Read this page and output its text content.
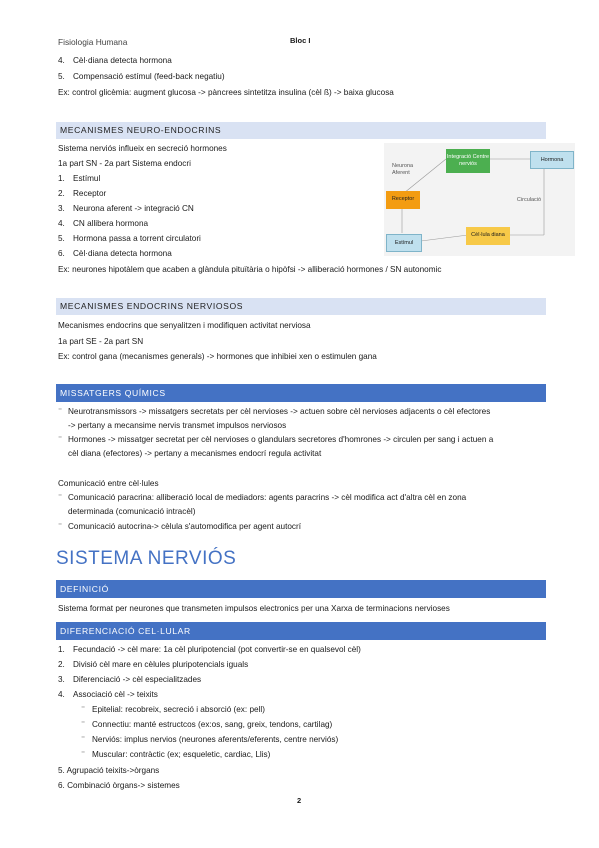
Fisiologia Humana	Bloc I
4. Cèl·dianа detecta hormona
5. Compensació estímul (feed-back negatiu)
Ex: control glicèmia: augment glucosa -> pàncrees sintetitza insulina (cèl ß) -> baixa glucosa
MECANISMES NEURO-ENDOCRINS
Sistema nerviós influeix en secreció hormones
1a part SN - 2a part Sistema endocri
1. Estímul
2. Receptor
3. Neurona aferent -> integració CN
4. CN allibera hormona
5. Hormona passa a torrent circulatori
6. Cèl·dianа detecta hormona
Ex: neurones hipotàlem que acaben a glàndula pituïtària o hipòfsi -> alliberació hormones / SN autonomic
Neurona Aferent
Integració Centre nerviós
Hormona
Receptor	Circulació
Cèl·lula diana
Estímul
MECANISMES ENDOCRINS NERVIOSOS
Mecanismes endocrins que senyalitzen i modifiquen activitat nerviosa
1a part SE - 2a part SN
Ex: control gana (mecanismes generals) -> hormones que inhibiei xen o estimulen gana
MISSATGERS QUÍMICS
⁻ Neurotransmissors -> missatgers secretats per cèl nervioses -> actuen sobre cèl nervioses adjacents o cèl efectores
-> pertany a mecansime nervis transmet impulsos nerviosos
⁻ Hormones -> missatger secretat per cèl nervioses o glandulars secretores d'homrones -> circulen per sang i actuen a
cèl diana (efectores) -> pertany a mecanismes endocrí regula activitat
Comunicació entre cèl·lules
⁻ Comunicació paracrina: alliberació local de mediadors: agents paracrins -> cèl modifica act d'altra cèl en zona
determinada (comunicació intracèl)
⁻ Comunicació autocrina-> cèlula s'automodifica per agent autocrí
SISTEMA NERVIÓS
DEFINICIÓ
Sistema format per neurones que transmeten impulsos electronics per una Xarxa de terminacions nervioses
DIFERENCIACIÓ CEL·LULAR
1. Fecundació -> cèl mare: 1a cèl pluripotencial (pot convertir-se en qualsevol cèl)
2. Divisió cèl mare en cèlules pluripotencials iguals
3. Diferenciació -> cèl especialitzades
4. Associació cèl -> teixits
⁻ Epitelial: recobreix, secreció i absorció (ex: pell)
⁻ Connectiu: manté estructcos (ex:os, sang, greix, tendons, cartilag)
⁻ Nerviós: implus nervios (neurones aferents/eferents, centre nerviós)
⁻ Muscular: contràctic (ex; esqueletic, cardiac, Llis)
5. Agrupació teixits->òrgans
6. Combinació òrgans-> sistemes
2
